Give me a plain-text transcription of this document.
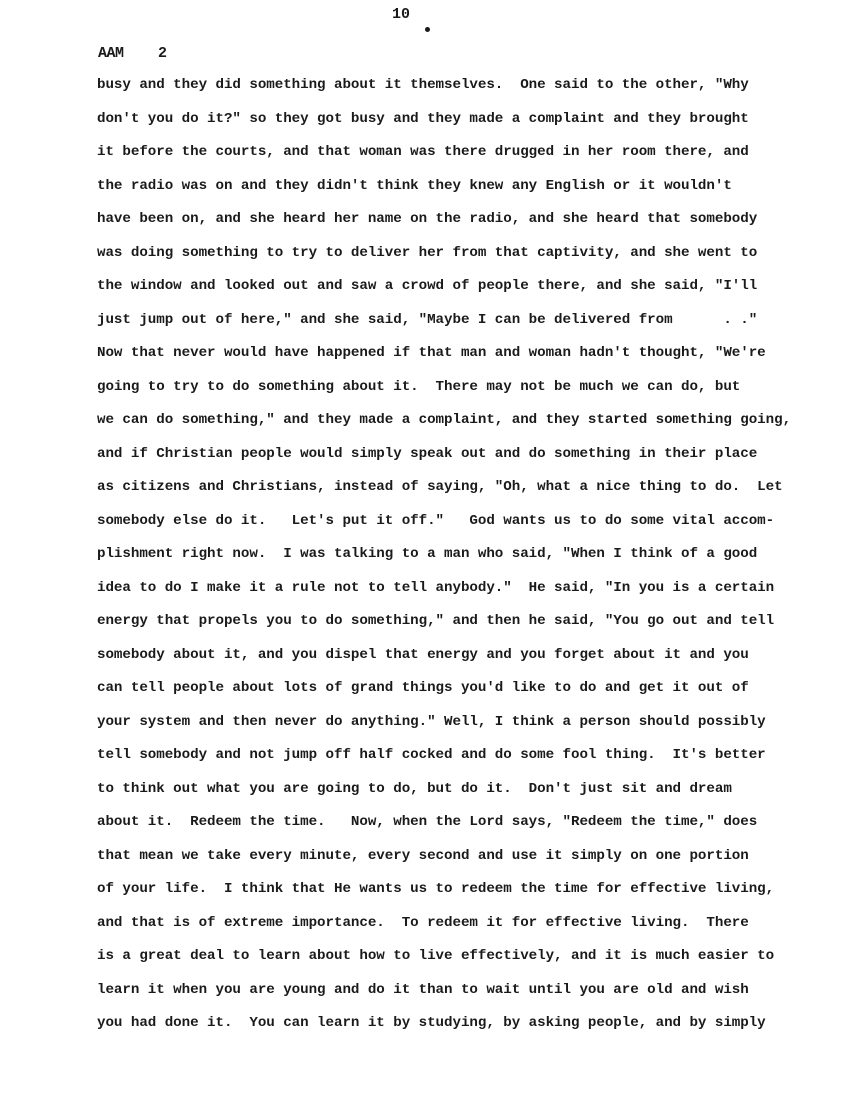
10
AAM 2
busy and they did something about it themselves.  One said to the other, "Why
don't you do it?" so they got busy and they made a complaint and they brought
it before the courts, and that woman was there drugged in her room there, and
the radio was on and they didn't think they knew any English or it wouldn't
have been on, and she heard her name on the radio, and she heard that somebody
was doing something to try to deliver her from that captivity, and she went to
the window and looked out and saw a crowd of people there, and she said, "I'll
just jump out of here," and she said, "Maybe I can be delivered from      . ."
Now that never would have happened if that man and woman hadn't thought, "We're
going to try to do something about it.  There may not be much we can do, but
we can do something," and they made a complaint, and they started something going,
and if Christian people would simply speak out and do something in their place
as citizens and Christians, instead of saying, "Oh, what a nice thing to do.  Let
somebody else do it.   Let's put it off."   God wants us to do some vital accom-
plishment right now.  I was talking to a man who said, "When I think of a good
idea to do I make it a rule not to tell anybody."  He said, "In you is a certain
energy that propels you to do something," and then he said, "You go out and tell
somebody about it, and you dispel that energy and you forget about it and you
can tell people about lots of grand things you'd like to do and get it out of
your system and then never do anything." Well, I think a person should possibly
tell somebody and not jump off half cocked and do some fool thing.  It's better
to think out what you are going to do, but do it.  Don't just sit and dream
about it.  Redeem the time.   Now, when the Lord says, "Redeem the time," does
that mean we take every minute, every second and use it simply on one portion
of your life.  I think that He wants us to redeem the time for effective living,
and that is of extreme importance.  To redeem it for effective living.  There
is a great deal to learn about how to live effectively, and it is much easier to
learn it when you are young and do it than to wait until you are old and wish
you had done it.  You can learn it by studying, by asking people, and by simply
